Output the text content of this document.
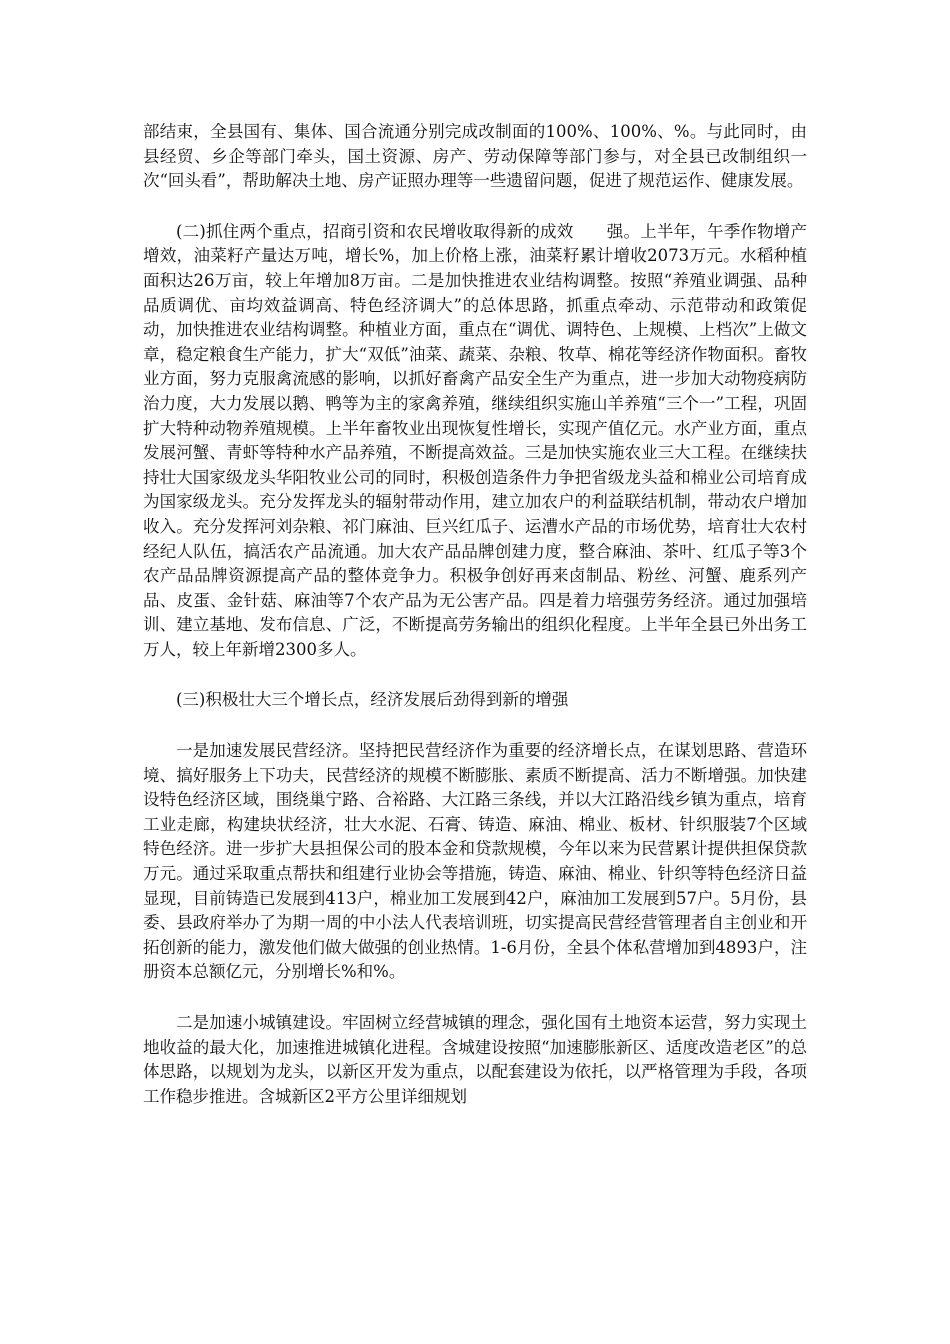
部结束，全县国有、集体、国合流通分别完成改制面的100%、100%、%。与此同时，由县经贸、乡企等部门牵头，国土资源、房产、劳动保障等部门参与，对全县已改制组织一次“回头看”，帮助解决土地、房产证照办理等一些遗留问题，促进了规范运作、健康发展。

(二)抓住两个重点，招商引资和农民增收取得新的成效　　强。上半年，午季作物增产增效，油菜籽产量达万吨，增长%，加上价格上涨，油菜籽累计增收2073万元。水稻种植面积达26万亩，较上年增加8万亩。二是加快推进农业结构调整。按照“养殖业调强、品种品质调优、亩均效益调高、特色经济调大”的总体思路，抓重点牵动、示范带动和政策促动，加快推进农业结构调整。种植业方面，重点在“调优、调特色、上规模、上档次”上做文章，稳定粮食生产能力，扩大“双低”油菜、蔬菜、杂粮、牧草、棉花等经济作物面积。畜牧业方面，努力克服禽流感的影响，以抓好畜禽产品安全生产为重点，进一步加大动物疫病防治力度，大力发展以鹅、鸭等为主的家禽养殖，继续组织实施山羊养殖“三个一”工程，巩固扩大特种动物养殖规模。上半年畜牧业出现恢复性增长，实现产值亿元。水产业方面，重点发展河蟹、青虾等特种水产品养殖，不断提高效益。三是加快实施农业三大工程。在继续扶持壮大国家级龙头华阳牧业公司的同时，积极创造条件力争把省级龙头益和棉业公司培育成为国家级龙头。充分发挥龙头的辐射带动作用，建立加农户的利益联结机制，带动农户增加收入。充分发挥河刘杂粮、祁门麻油、巨兴红瓜子、运漕水产品的市场优势，培育壮大农村经纪人队伍，搞活农产品流通。加大农产品品牌创建力度，整合麻油、茶叶、红瓜子等3个农产品品牌资源提高产品的整体竞争力。积极争创好再来卤制品、粉丝、河蟹、鹿系列产品、皮蛋、金针菇、麻油等7个农产品为无公害产品。四是着力培强劳务经济。通过加强培训、建立基地、发布信息、广泛，不断提高劳务输出的组织化程度。上半年全县已外出务工万人，较上年新增2300多人。

(三)积极壮大三个增长点，经济发展后劲得到新的增强

一是加速发展民营经济。坚持把民营经济作为重要的经济增长点，在谋划思路、营造环境、搞好服务上下功夫，民营经济的规模不断膨胀、素质不断提高、活力不断增强。加快建设特色经济区域，围绕巢宁路、合裕路、大江路三条线，并以大江路沿线乡镇为重点，培育工业走廊，构建块状经济，壮大水泥、石膏、铸造、麻油、棉业、板材、针织服装7个区域特色经济。进一步扩大县担保公司的股本金和贷款规模，今年以来为民营累计提供担保贷款万元。通过采取重点帮扶和组建行业协会等措施，铸造、麻油、棉业、针织等特色经济日益显现，目前铸造已发展到413户，棉业加工发展到42户，麻油加工发展到57户。5月份，县委、县政府举办了为期一周的中小法人代表培训班，切实提高民营经营管理者自主创业和开拓创新的能力，激发他们做大做强的创业热情。1-6月份，全县个体私营增加到4893户，注册资本总额亿元，分别增长%和%。

二是加速小城镇建设。牢固树立经营城镇的理念，强化国有土地资本运营，努力实现土地收益的最大化，加速推进城镇化进程。含城建设按照“加速膨胀新区、适度改造老区”的总体思路，以规划为龙头，以新区开发为重点，以配套建设为依托，以严格管理为手段，各项工作稳步推进。含城新区2平方公里详细规划
